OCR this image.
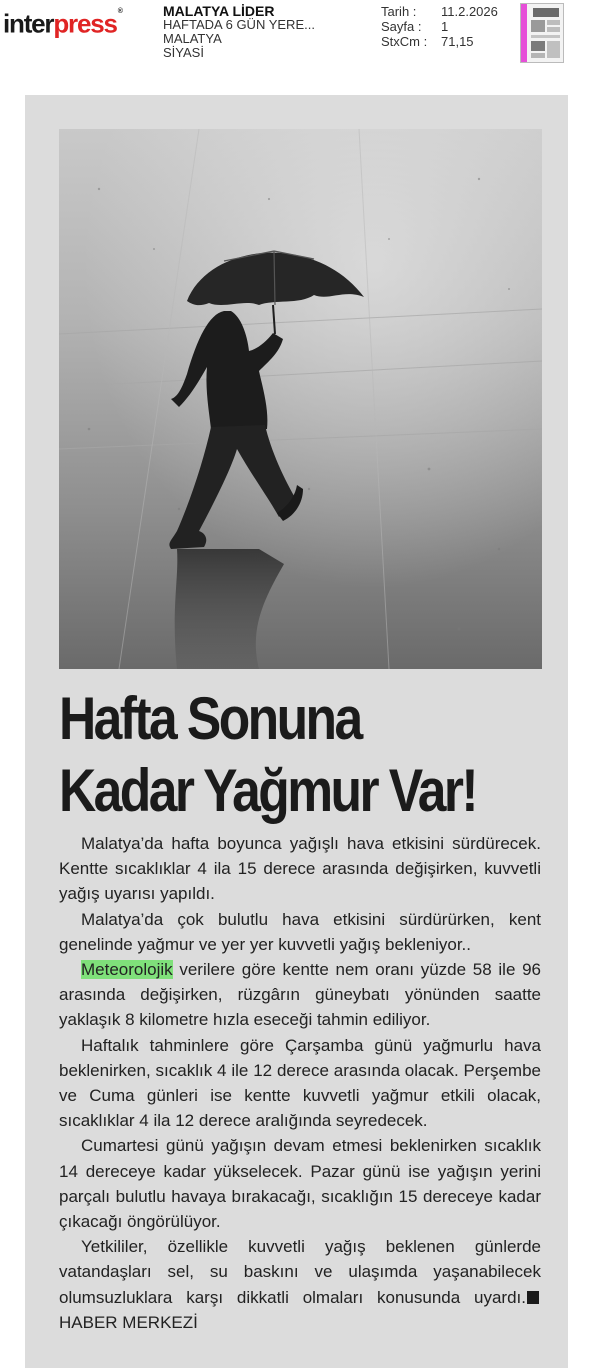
interpress®	MALATYA LİDER
HAFTADA 6 GÜN YERE...
MALATYA
SİYASİ
Tarih :	11.2.2026
Sayfa :	1
StxCm :	71,15
Hafta Sonuna
Kadar Yağmur Var!

Malatya’da hafta boyunca yağışlı hava etkisini sürdürecek. Kentte sıcaklıklar 4 ila 15 derece arasında değişirken, kuvvetli yağış uyarısı yapıldı.

Malatya’da çok bulutlu hava etkisini sürdürürken, kent genelinde yağmur ve yer yer kuvvetli yağış bekleniyor..

Meteorolojik verilere göre kentte nem oranı yüzde 58 ile 96 arasında değişirken, rüzgârın güneybatı yönünden saatte yaklaşık 8 kilometre hızla eseceği tahmin ediliyor.

Haftalık tahminlere göre Çarşamba günü yağmurlu hava beklenirken, sıcaklık 4 ile 12 derece arasında olacak. Perşembe ve Cuma günleri ise kentte kuvvetli yağmur etkili olacak, sıcaklıklar 4 ila 12 derece aralığında seyredecek.

Cumartesi günü yağışın devam etmesi beklenirken sıcaklık 14 dereceye kadar yükselecek. Pazar günü ise yağışın yerini parçalı bulutlu havaya bırakacağı, sıcaklığın 15 dereceye kadar çıkacağı öngörülüyor.

Yetkililer, özellikle kuvvetli yağış beklenen günlerde vatandaşları sel, su baskını ve ulaşımda yaşanabilecek olumsuzluklara karşı dikkatli olmaları konusunda uyardı.HABER MERKEZİ
